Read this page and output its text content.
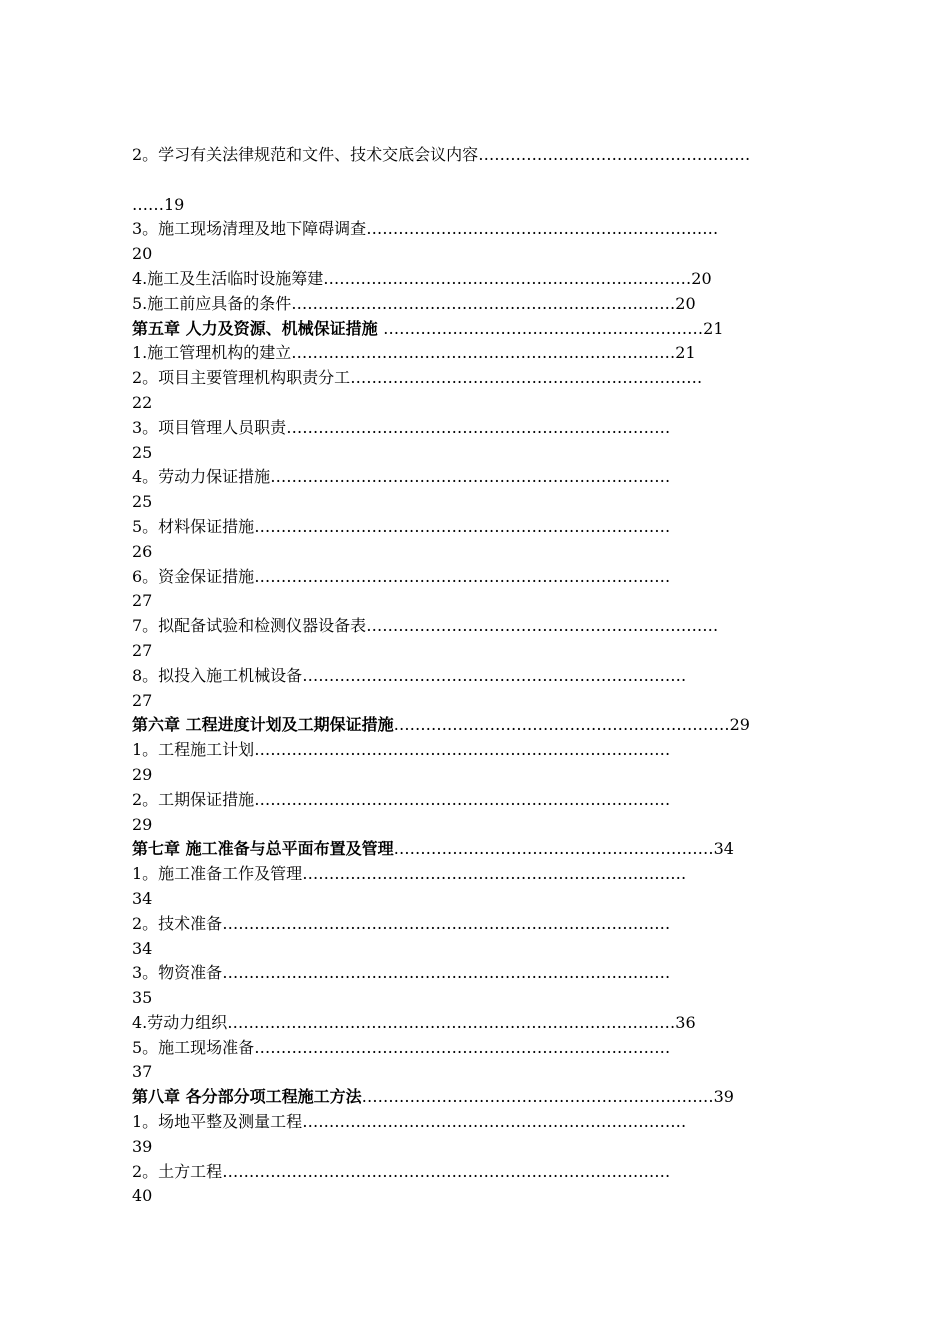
2。学习有关法律规范和文件、技术交底会议内容……………………………………………
……19
3。施工现场清理及地下障碍调查…………………………………………………………
20
4.施工及生活临时设施筹建……………………………………………………………20
5.施工前应具备的条件………………………………………………………………20
第五章 人力及资源、机械保证措施 ……………………………………………………21
1.施工管理机构的建立………………………………………………………………21
2。项目主要管理机构职责分工…………………………………………………………
22
3。项目管理人员职责………………………………………………………………
25
4。劳动力保证措施…………………………………………………………………
25
5。材料保证措施……………………………………………………………………
26
6。资金保证措施……………………………………………………………………
27
7。拟配备试验和检测仪器设备表…………………………………………………………
27
8。拟投入施工机械设备………………………………………………………………
27
第六章 工程进度计划及工期保证措施………………………………………………………29
1。工程施工计划……………………………………………………………………
29
2。工期保证措施……………………………………………………………………
29
第七章 施工准备与总平面布置及管理……………………………………………………34
1。施工准备工作及管理………………………………………………………………
34
2。技术准备…………………………………………………………………………
34
3。物资准备…………………………………………………………………………
35
4.劳动力组织…………………………………………………………………………36
5。施工现场准备……………………………………………………………………
37
第八章 各分部分项工程施工方法…………………………………………………………39
1。场地平整及测量工程………………………………………………………………
39
2。土方工程…………………………………………………………………………
40
